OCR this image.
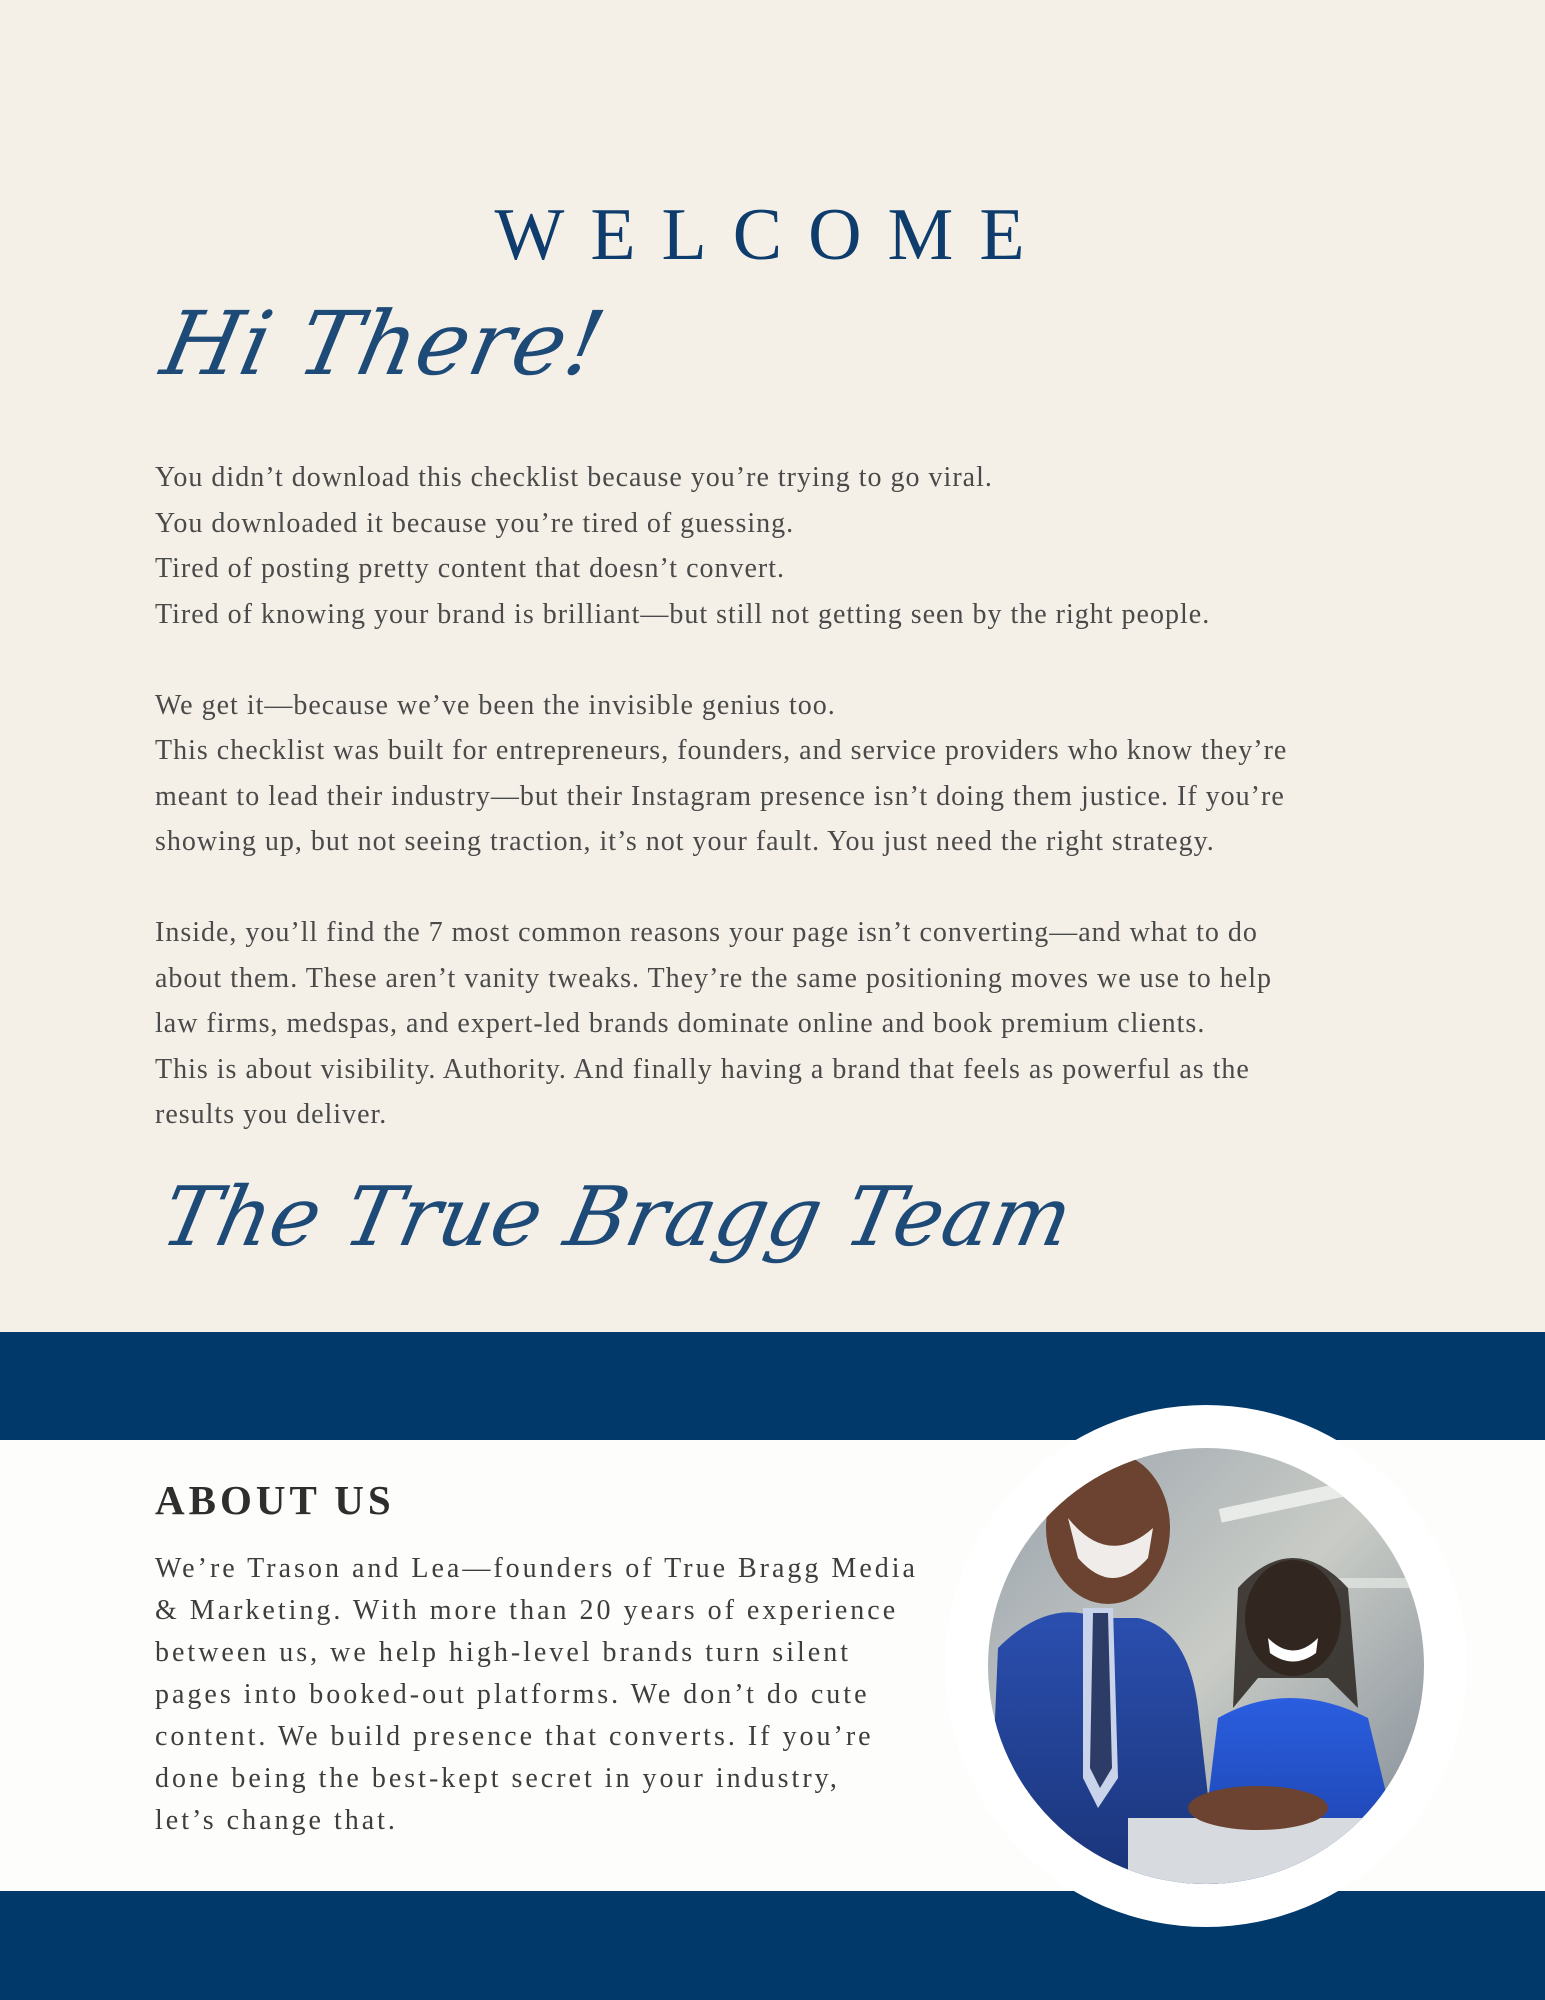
WELCOME
Hi There!

You didn’t download this checklist because you’re trying to go viral.
You downloaded it because you’re tired of guessing.
Tired of posting pretty content that doesn’t convert.
Tired of knowing your brand is brilliant—but still not getting seen by the right people.

We get it—because we’ve been the invisible genius too.
This checklist was built for entrepreneurs, founders, and service providers who know they’re
meant to lead their industry—but their Instagram presence isn’t doing them justice. If you’re
showing up, but not seeing traction, it’s not your fault. You just need the right strategy.

Inside, you’ll find the 7 most common reasons your page isn’t converting—and what to do
about them. These aren’t vanity tweaks. They’re the same positioning moves we use to help
law firms, medspas, and expert-led brands dominate online and book premium clients.
This is about visibility. Authority. And finally having a brand that feels as powerful as the
results you deliver.

The True Bragg Team
ABOUT US
We’re Trason and Lea—founders of True Bragg Media
& Marketing. With more than 20 years of experience
between us, we help high-level brands turn silent
pages into booked-out platforms. We don’t do cute
content. We build presence that converts. If you’re
done being the best-kept secret in your industry,
let’s change that.
